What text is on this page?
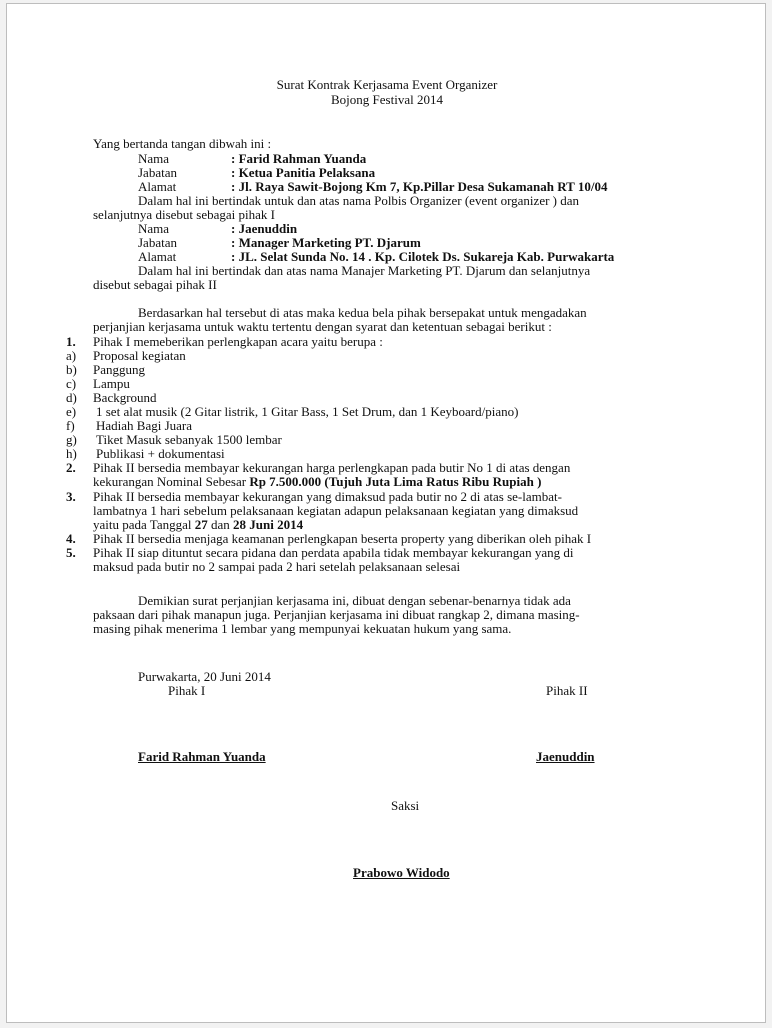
Surat Kontrak Kerjasama Event Organizer
Bojong Festival 2014
Yang bertanda tangan dibwah ini :
Nama	: Farid Rahman Yuanda
Jabatan	: Ketua Panitia Pelaksana
Alamat	: Jl. Raya Sawit-Bojong Km 7, Kp.Pillar Desa Sukamanah RT 10/04
Dalam hal ini bertindak untuk dan atas nama Polbis Organizer (event organizer ) dan
selanjutnya disebut sebagai pihak I
Nama	: Jaenuddin
Jabatan	: Manager Marketing PT. Djarum
Alamat	: JL. Selat Sunda No. 14 . Kp. Cilotek Ds. Sukareja Kab. Purwakarta
Dalam hal ini bertindak dan atas nama Manajer Marketing PT. Djarum dan selanjutnya
disebut sebagai pihak II
Berdasarkan hal tersebut di atas maka kedua bela pihak bersepakat untuk mengadakan
perjanjian kerjasama untuk waktu tertentu dengan syarat dan ketentuan sebagai berikut :
1. Pihak I memeberikan perlengkapan acara yaitu berupa :
a) Proposal kegiatan
b) Panggung
c) Lampu
d) Background
e) 1 set alat musik (2 Gitar listrik, 1 Gitar Bass, 1 Set Drum, dan 1 Keyboard/piano)
f) Hadiah Bagi Juara
g) Tiket Masuk sebanyak 1500 lembar
h) Publikasi + dokumentasi
2. Pihak II bersedia membayar kekurangan harga perlengkapan pada butir No 1 di atas dengan
kekurangan Nominal Sebesar Rp 7.500.000 (Tujuh Juta Lima Ratus Ribu Rupiah )
3. Pihak II bersedia membayar kekurangan yang dimaksud pada butir no 2 di atas se-lambat-
lambatnya 1 hari sebelum pelaksanaan kegiatan adapun pelaksanaan kegiatan yang dimaksud
yaitu pada Tanggal 27 dan 28 Juni 2014
4. Pihak II bersedia menjaga keamanan perlengkapan beserta property yang diberikan oleh pihak I
5. Pihak II siap dituntut secara pidana dan perdata apabila tidak membayar kekurangan yang di
maksud pada butir no 2 sampai pada 2 hari setelah pelaksanaan selesai
Demikian surat perjanjian kerjasama ini, dibuat dengan sebenar-benarnya tidak ada
paksaan dari pihak manapun juga. Perjanjian kerjasama ini dibuat rangkap 2, dimana masing-
masing pihak menerima 1 lembar yang mempunyai kekuatan hukum yang sama.
Purwakarta, 20 Juni 2014
Pihak I	Pihak II
Farid Rahman Yuanda	Jaenuddin
Saksi
Prabowo Widodo
